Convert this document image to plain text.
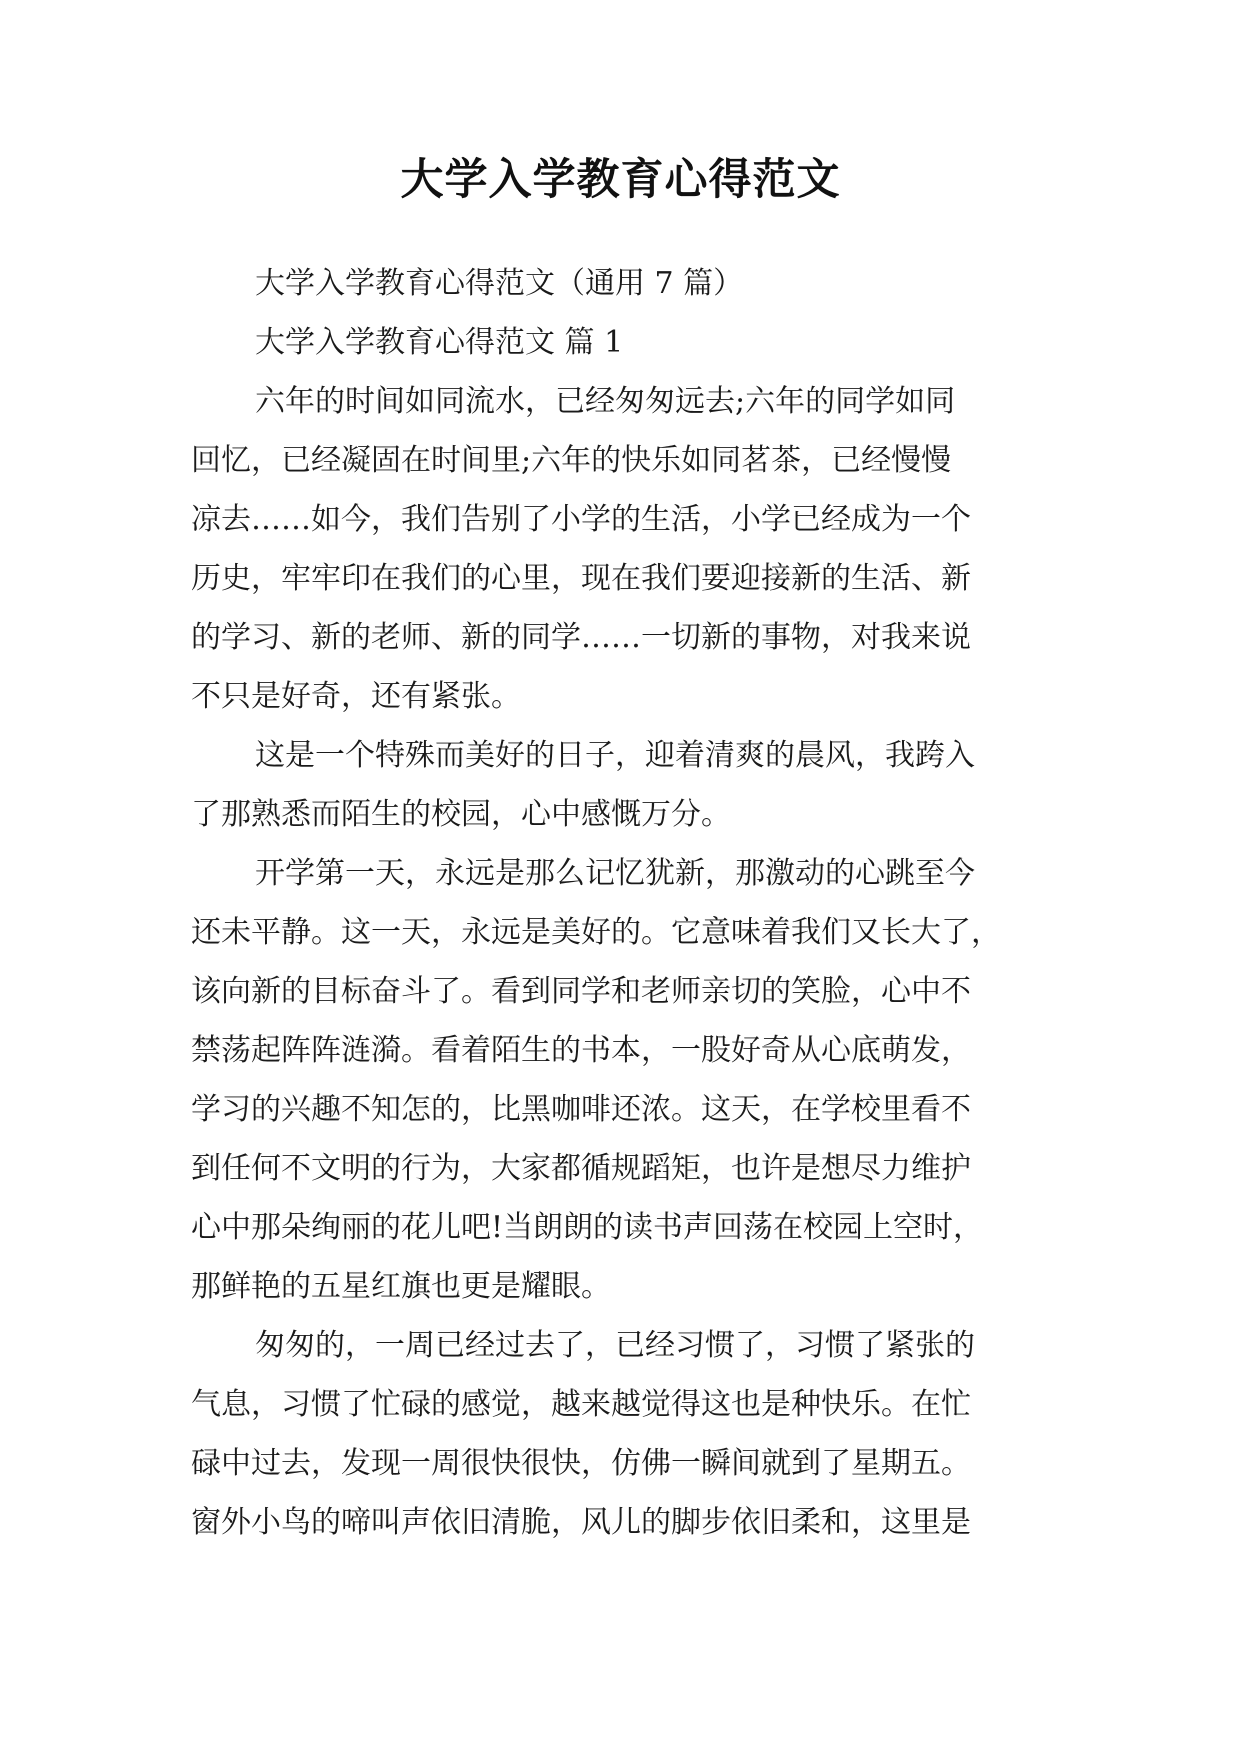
大学入学教育心得范文
大学入学教育心得范文（通用 7 篇）
大学入学教育心得范文 篇 1
六年的时间如同流水，已经匆匆远去;六年的同学如同
回忆，已经凝固在时间里;六年的快乐如同茗茶，已经慢慢
凉去……如今，我们告别了小学的生活，小学已经成为一个
历史，牢牢印在我们的心里，现在我们要迎接新的生活、新
的学习、新的老师、新的同学……一切新的事物，对我来说
不只是好奇，还有紧张。
这是一个特殊而美好的日子，迎着清爽的晨风，我跨入
了那熟悉而陌生的校园，心中感慨万分。
开学第一天，永远是那么记忆犹新，那激动的心跳至今
还未平静。这一天，永远是美好的。它意味着我们又长大了，
该向新的目标奋斗了。看到同学和老师亲切的笑脸，心中不
禁荡起阵阵涟漪。看着陌生的书本，一股好奇从心底萌发，
学习的兴趣不知怎的，比黑咖啡还浓。这天，在学校里看不
到任何不文明的行为，大家都循规蹈矩，也许是想尽力维护
心中那朵绚丽的花儿吧!当朗朗的读书声回荡在校园上空时，
那鲜艳的五星红旗也更是耀眼。
匆匆的，一周已经过去了，已经习惯了，习惯了紧张的
气息，习惯了忙碌的感觉，越来越觉得这也是种快乐。在忙
碌中过去，发现一周很快很快，仿佛一瞬间就到了星期五。
窗外小鸟的啼叫声依旧清脆，风儿的脚步依旧柔和，这里是
